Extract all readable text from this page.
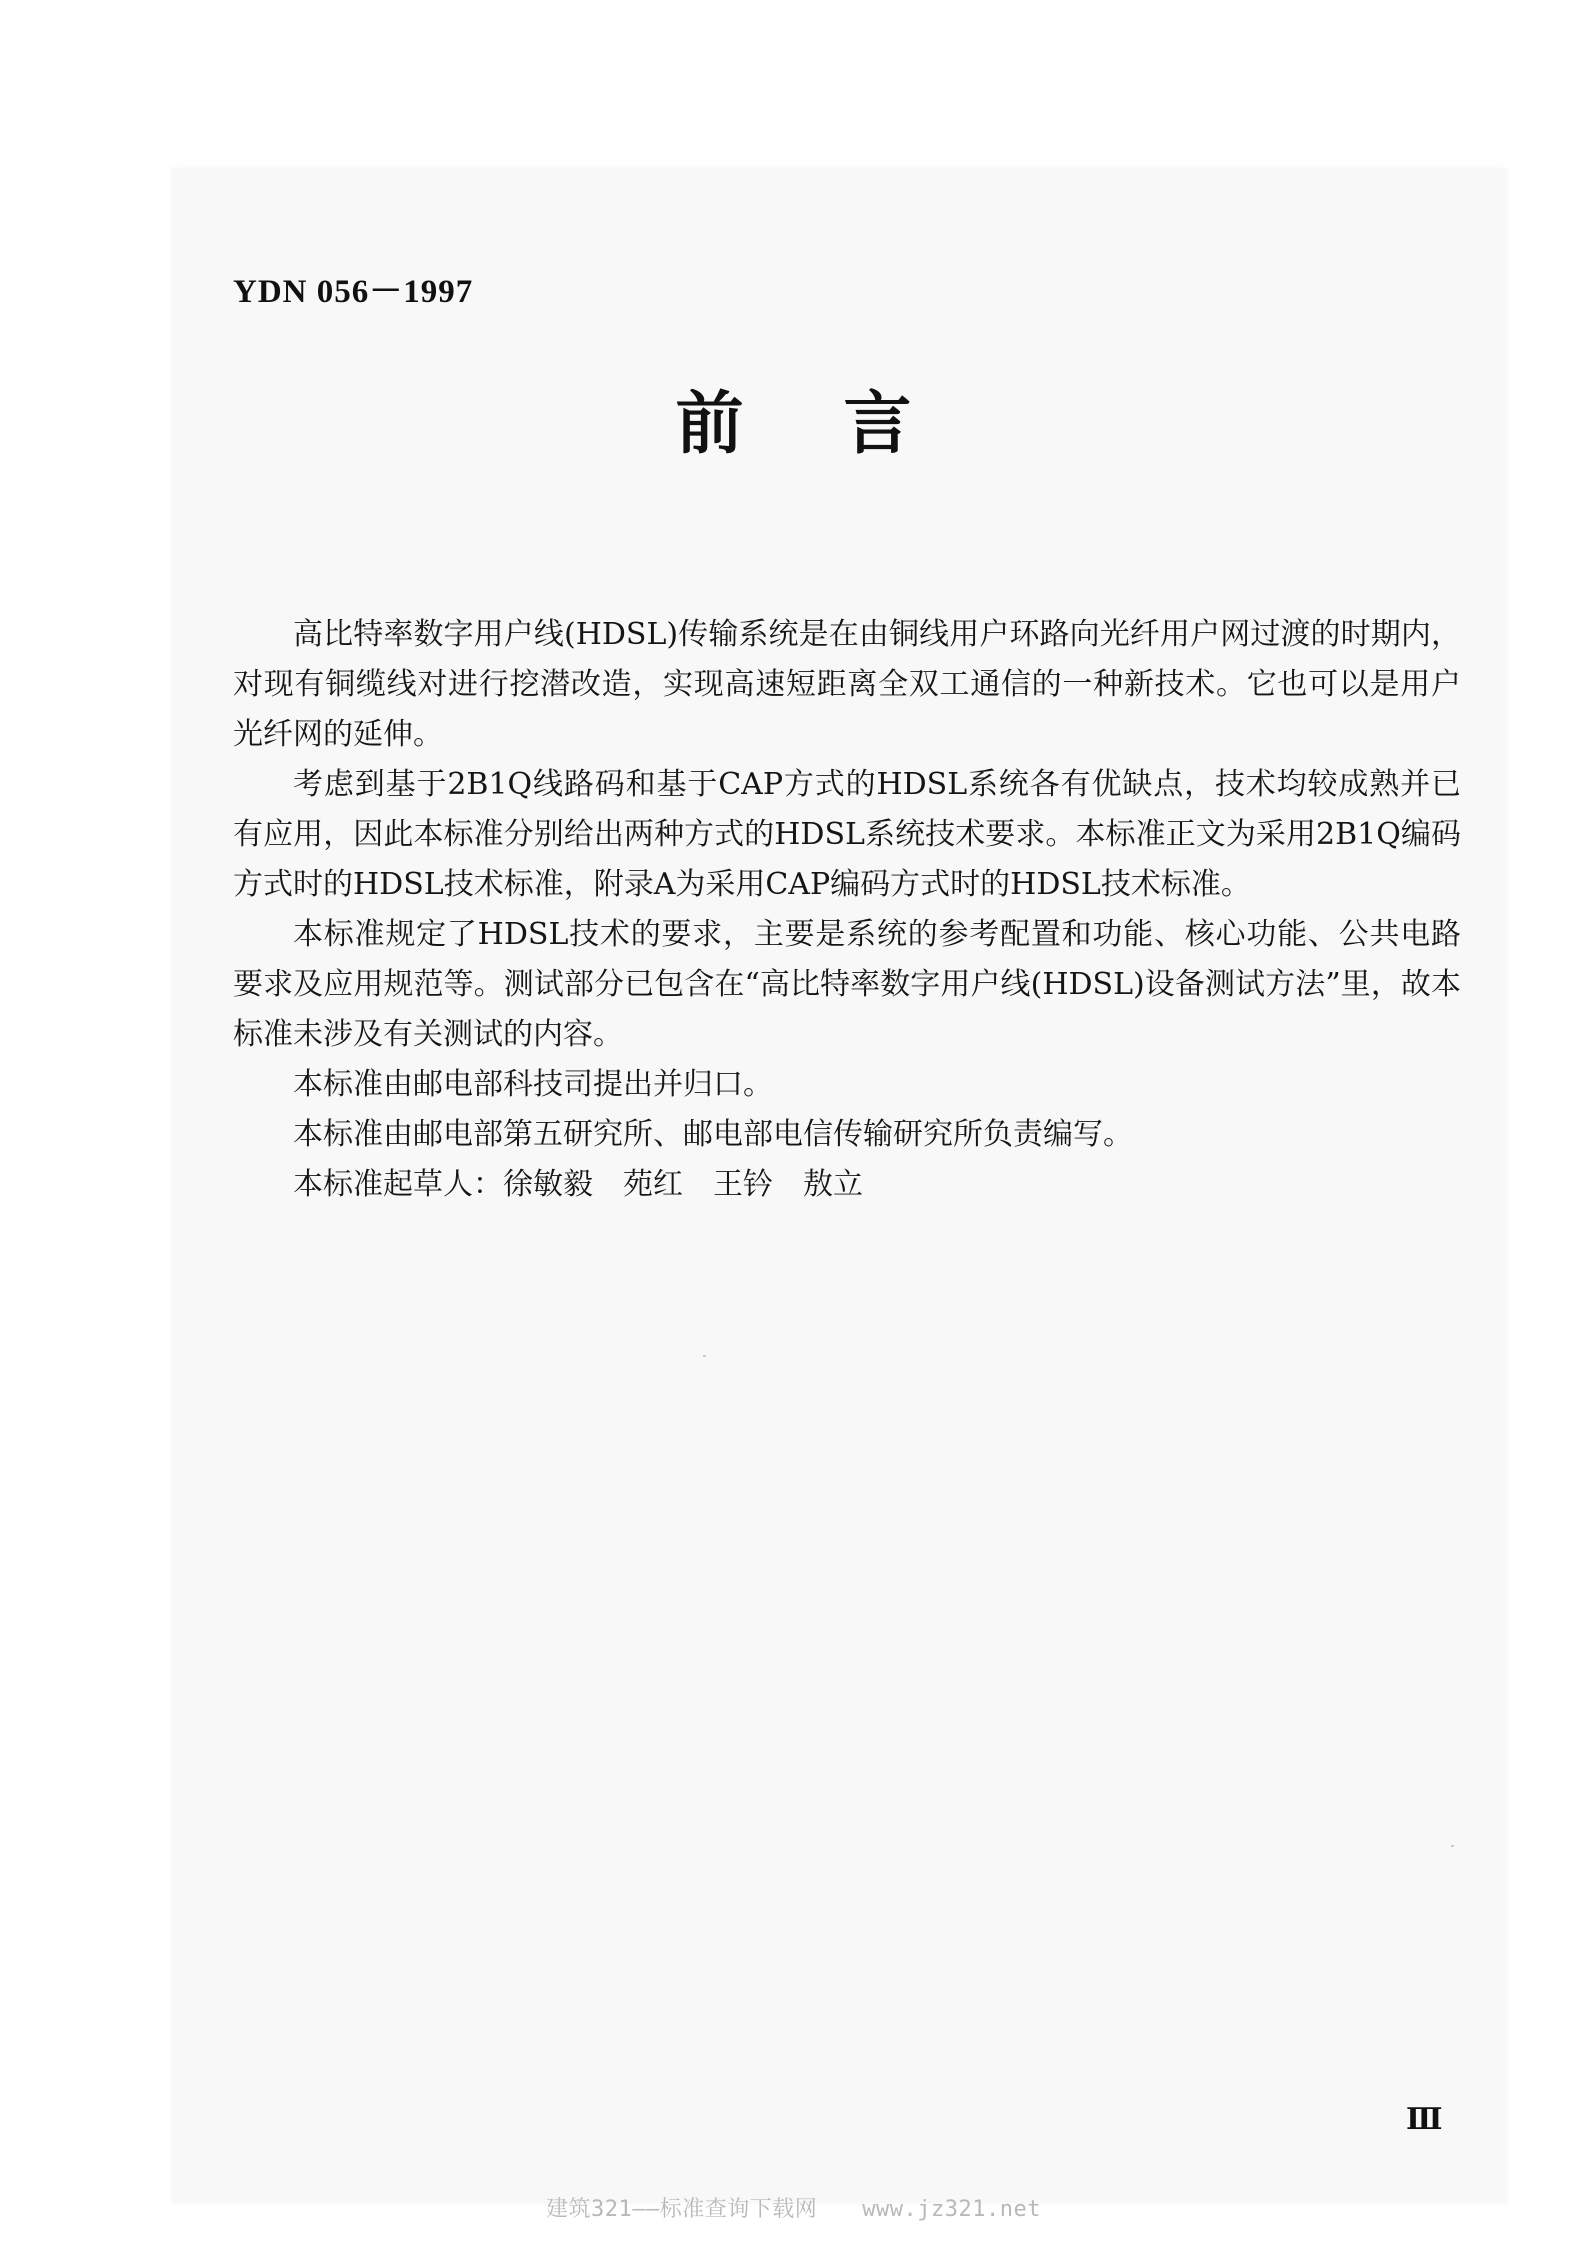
YDN 056－1997
前言

高比特率数字用户线(HDSL)传输系统是在由铜线用户环路向光纤用户网过渡的时期内，对现有铜缆线对进行挖潜改造，实现高速短距离全双工通信的一种新技术。它也可以是用户光纤网的延伸。

考虑到基于2B1Q线路码和基于CAP方式的HDSL系统各有优缺点，技术均较成熟并已有应用，因此本标准分别给出两种方式的HDSL系统技术要求。本标准正文为采用2B1Q编码方式时的HDSL技术标准，附录A为采用CAP编码方式时的HDSL技术标准。

本标准规定了HDSL技术的要求，主要是系统的参考配置和功能、核心功能、公共电路要求及应用规范等。测试部分已包含在“高比特率数字用户线(HDSL)设备测试方法”里，故本标准未涉及有关测试的内容。

本标准由邮电部科技司提出并归口。

本标准由邮电部第五研究所、邮电部电信传输研究所负责编写。

本标准起草人：徐敏毅　苑红　王钤　敖立

Ⅲ
建筑321——标准查询下载网　　www.jz321.net
